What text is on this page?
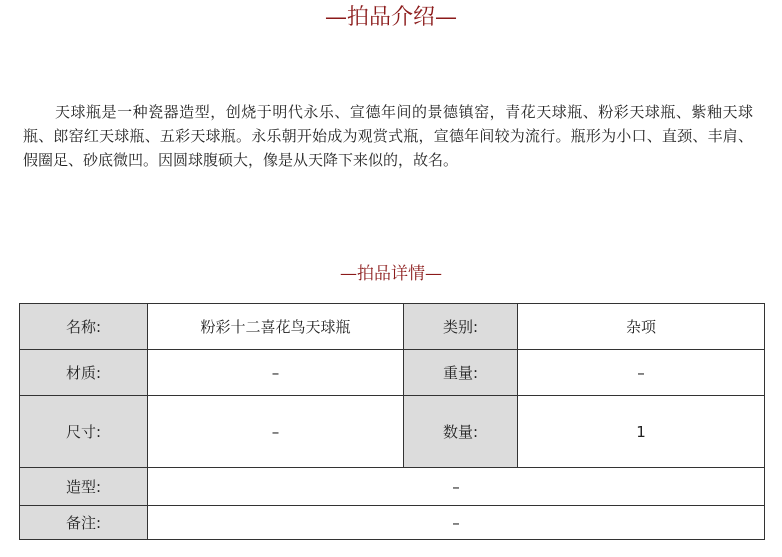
—拍品介绍—

天球瓶是一种瓷器造型，创烧于明代永乐、宣德年间的景德镇窑，青花天球瓶、粉彩天球瓶、紫釉天球瓶、郎窑红天球瓶、五彩天球瓶。永乐朝开始成为观赏式瓶，宣德年间较为流行。瓶形为小口、直颈、丰肩、假圈足、砂底微凹。因圆球腹硕大，像是从天降下来似的，故名。

—拍品详情—
名称:	粉彩十二喜花鸟天球瓶	类别:	杂项
材质:	–	重量:	–
尺寸:	–	数量:	1
造型:	–		
备注:	–		
